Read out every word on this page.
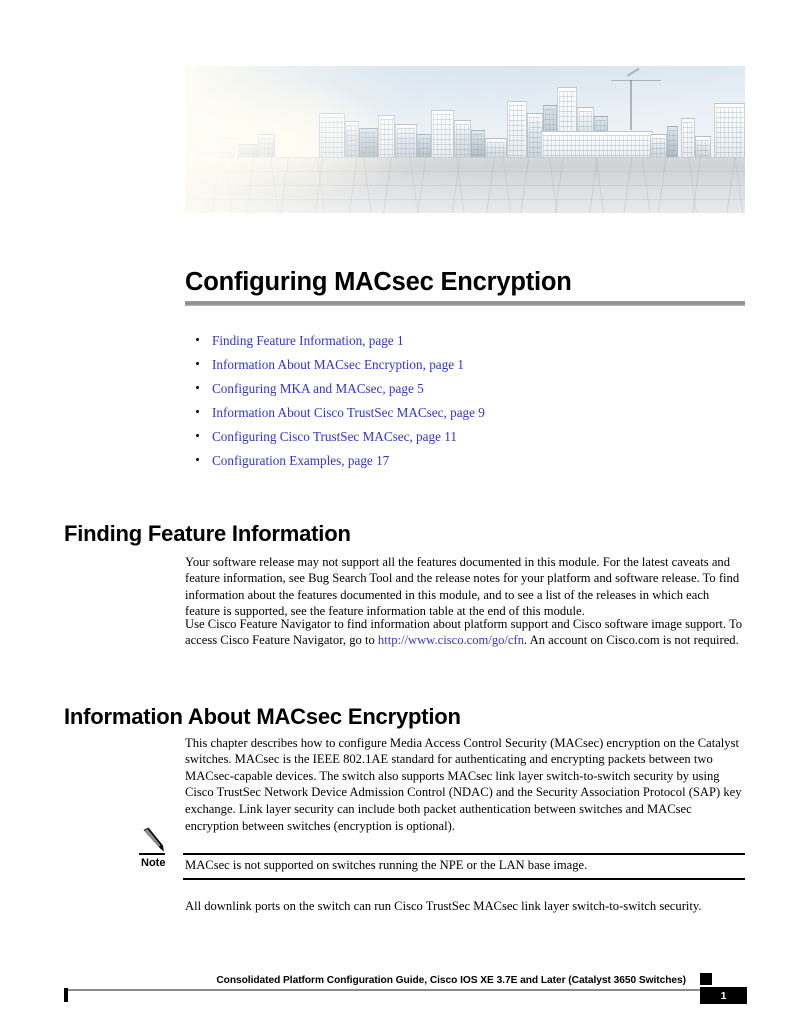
Configuring MACsec Encryption
Finding Feature Information, page 1
Information About MACsec Encryption, page 1
Configuring MKA and MACsec, page 5
Information About Cisco TrustSec MACsec, page 9
Configuring Cisco TrustSec MACsec, page 11
Configuration Examples, page 17
Finding Feature Information

Your software release may not support all the features documented in this module. For the latest caveats and feature information, see Bug Search Tool and the release notes for your platform and software release. To find information about the features documented in this module, and to see a list of the releases in which each feature is supported, see the feature information table at the end of this module.

Use Cisco Feature Navigator to find information about platform support and Cisco software image support. To access Cisco Feature Navigator, go to http://www.cisco.com/go/cfn. An account on Cisco.com is not required.

Information About MACsec Encryption

This chapter describes how to configure Media Access Control Security (MACsec) encryption on the Catalyst switches. MACsec is the IEEE 802.1AE standard for authenticating and encrypting packets between two MACsec-capable devices. The switch also supports MACsec link layer switch-to-switch security by using Cisco TrustSec Network Device Admission Control (NDAC) and the Security Association Protocol (SAP) key exchange. Link layer security can include both packet authentication between switches and MACsec encryption between switches (encryption is optional).

Note MACsec is not supported on switches running the NPE or the LAN base image.

All downlink ports on the switch can run Cisco TrustSec MACsec link layer switch-to-switch security.

Consolidated Platform Configuration Guide, Cisco IOS XE 3.7E and Later (Catalyst 3650 Switches)
1
